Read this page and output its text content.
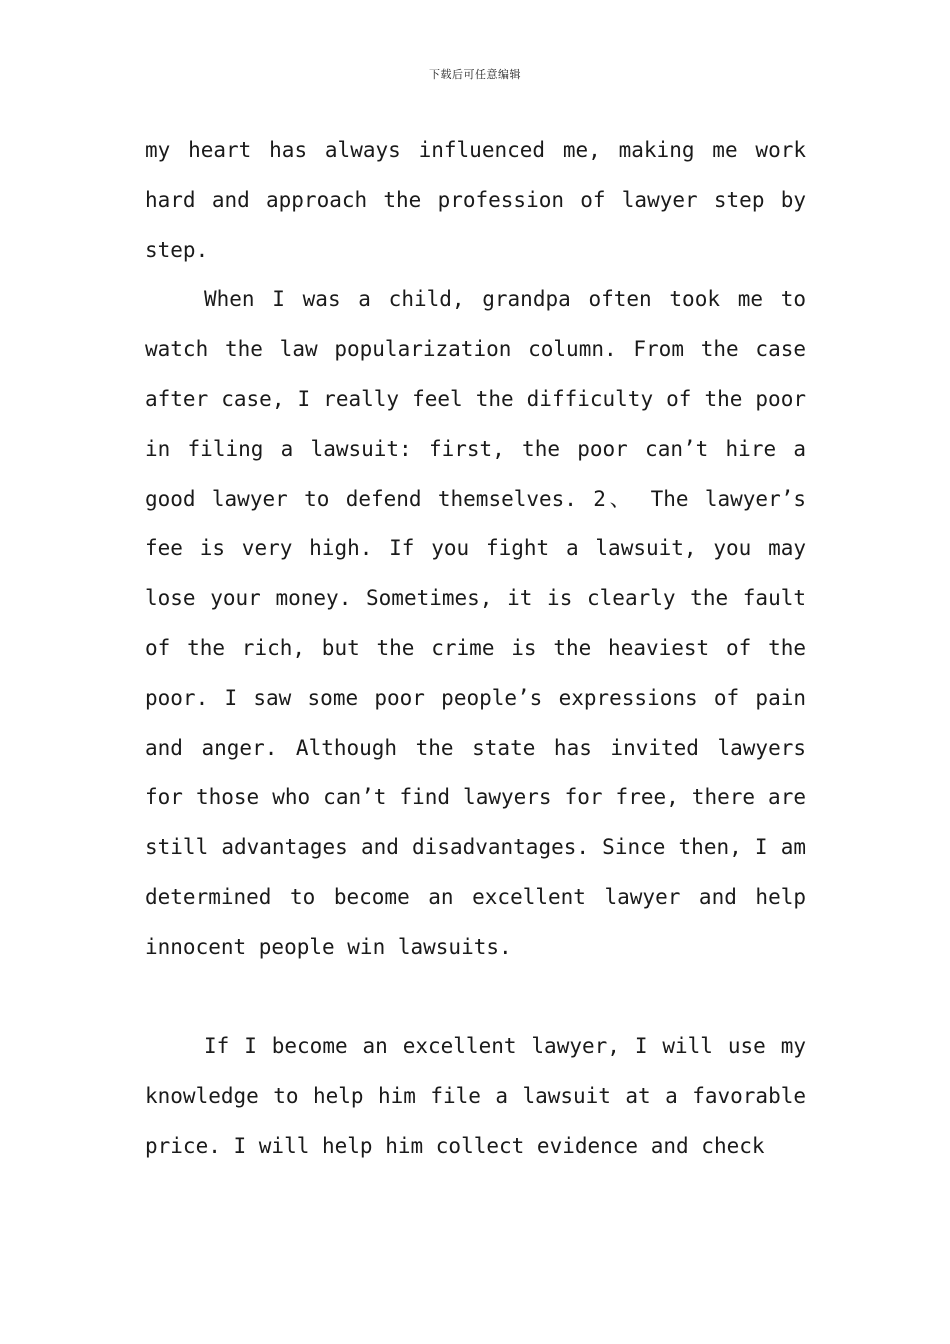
下载后可任意编辑

my heart has always influenced me, making me work hard and approach the profession of lawyer step by step.

When I was a child, grandpa often took me to watch the law popularization column. From the case after case, I really feel the difficulty of the poor in filing a lawsuit: first, the poor can’t hire a good lawyer to defend themselves. 2、 The lawyer’s fee is very high. If you fight a lawsuit, you may lose your money. Sometimes, it is clearly the fault of the rich, but the crime is the heaviest of the poor. I saw some poor people’s expressions of pain and anger. Although the state has invited lawyers for those who can’t find lawyers for free, there are still advantages and disadvantages. Since then, I am determined to become an excellent lawyer and help innocent people win lawsuits.

If I become an excellent lawyer, I will use my knowledge to help him file a lawsuit at a favorable price. I will help him collect evidence and check
